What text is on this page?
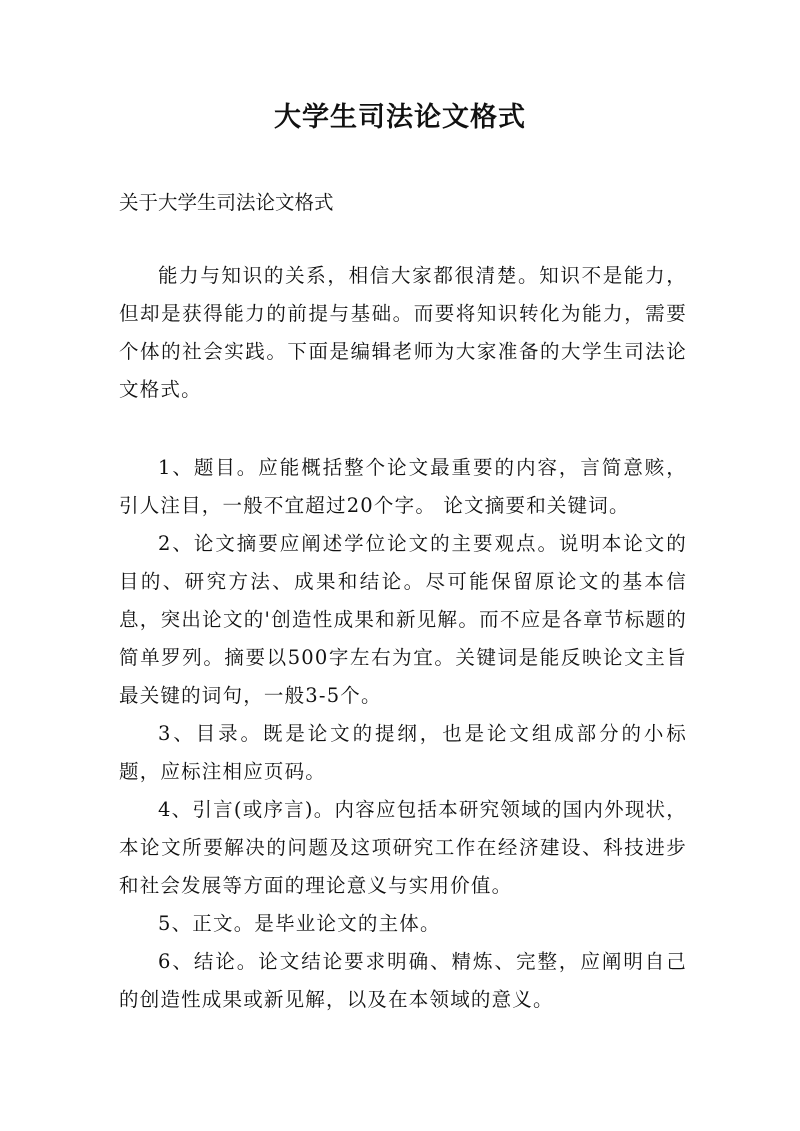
大学生司法论文格式
关于大学生司法论文格式

能力与知识的关系，相信大家都很清楚。知识不是能力，但却是获得能力的前提与基础。而要将知识转化为能力，需要个体的社会实践。下面是编辑老师为大家准备的大学生司法论文格式。

1、题目。应能概括整个论文最重要的内容，言简意赅，引人注目，一般不宜超过20个字。 论文摘要和关键词。

2、论文摘要应阐述学位论文的主要观点。说明本论文的目的、研究方法、成果和结论。尽可能保留原论文的基本信息，突出论文的'创造性成果和新见解。而不应是各章节标题的简单罗列。摘要以500字左右为宜。关键词是能反映论文主旨最关键的词句，一般3-5个。

3、目录。既是论文的提纲，也是论文组成部分的小标题，应标注相应页码。

4、引言(或序言)。内容应包括本研究领域的国内外现状，本论文所要解决的问题及这项研究工作在经济建设、科技进步和社会发展等方面的理论意义与实用价值。

5、正文。是毕业论文的主体。

6、结论。论文结论要求明确、精炼、完整，应阐明自己的创造性成果或新见解，以及在本领域的意义。
